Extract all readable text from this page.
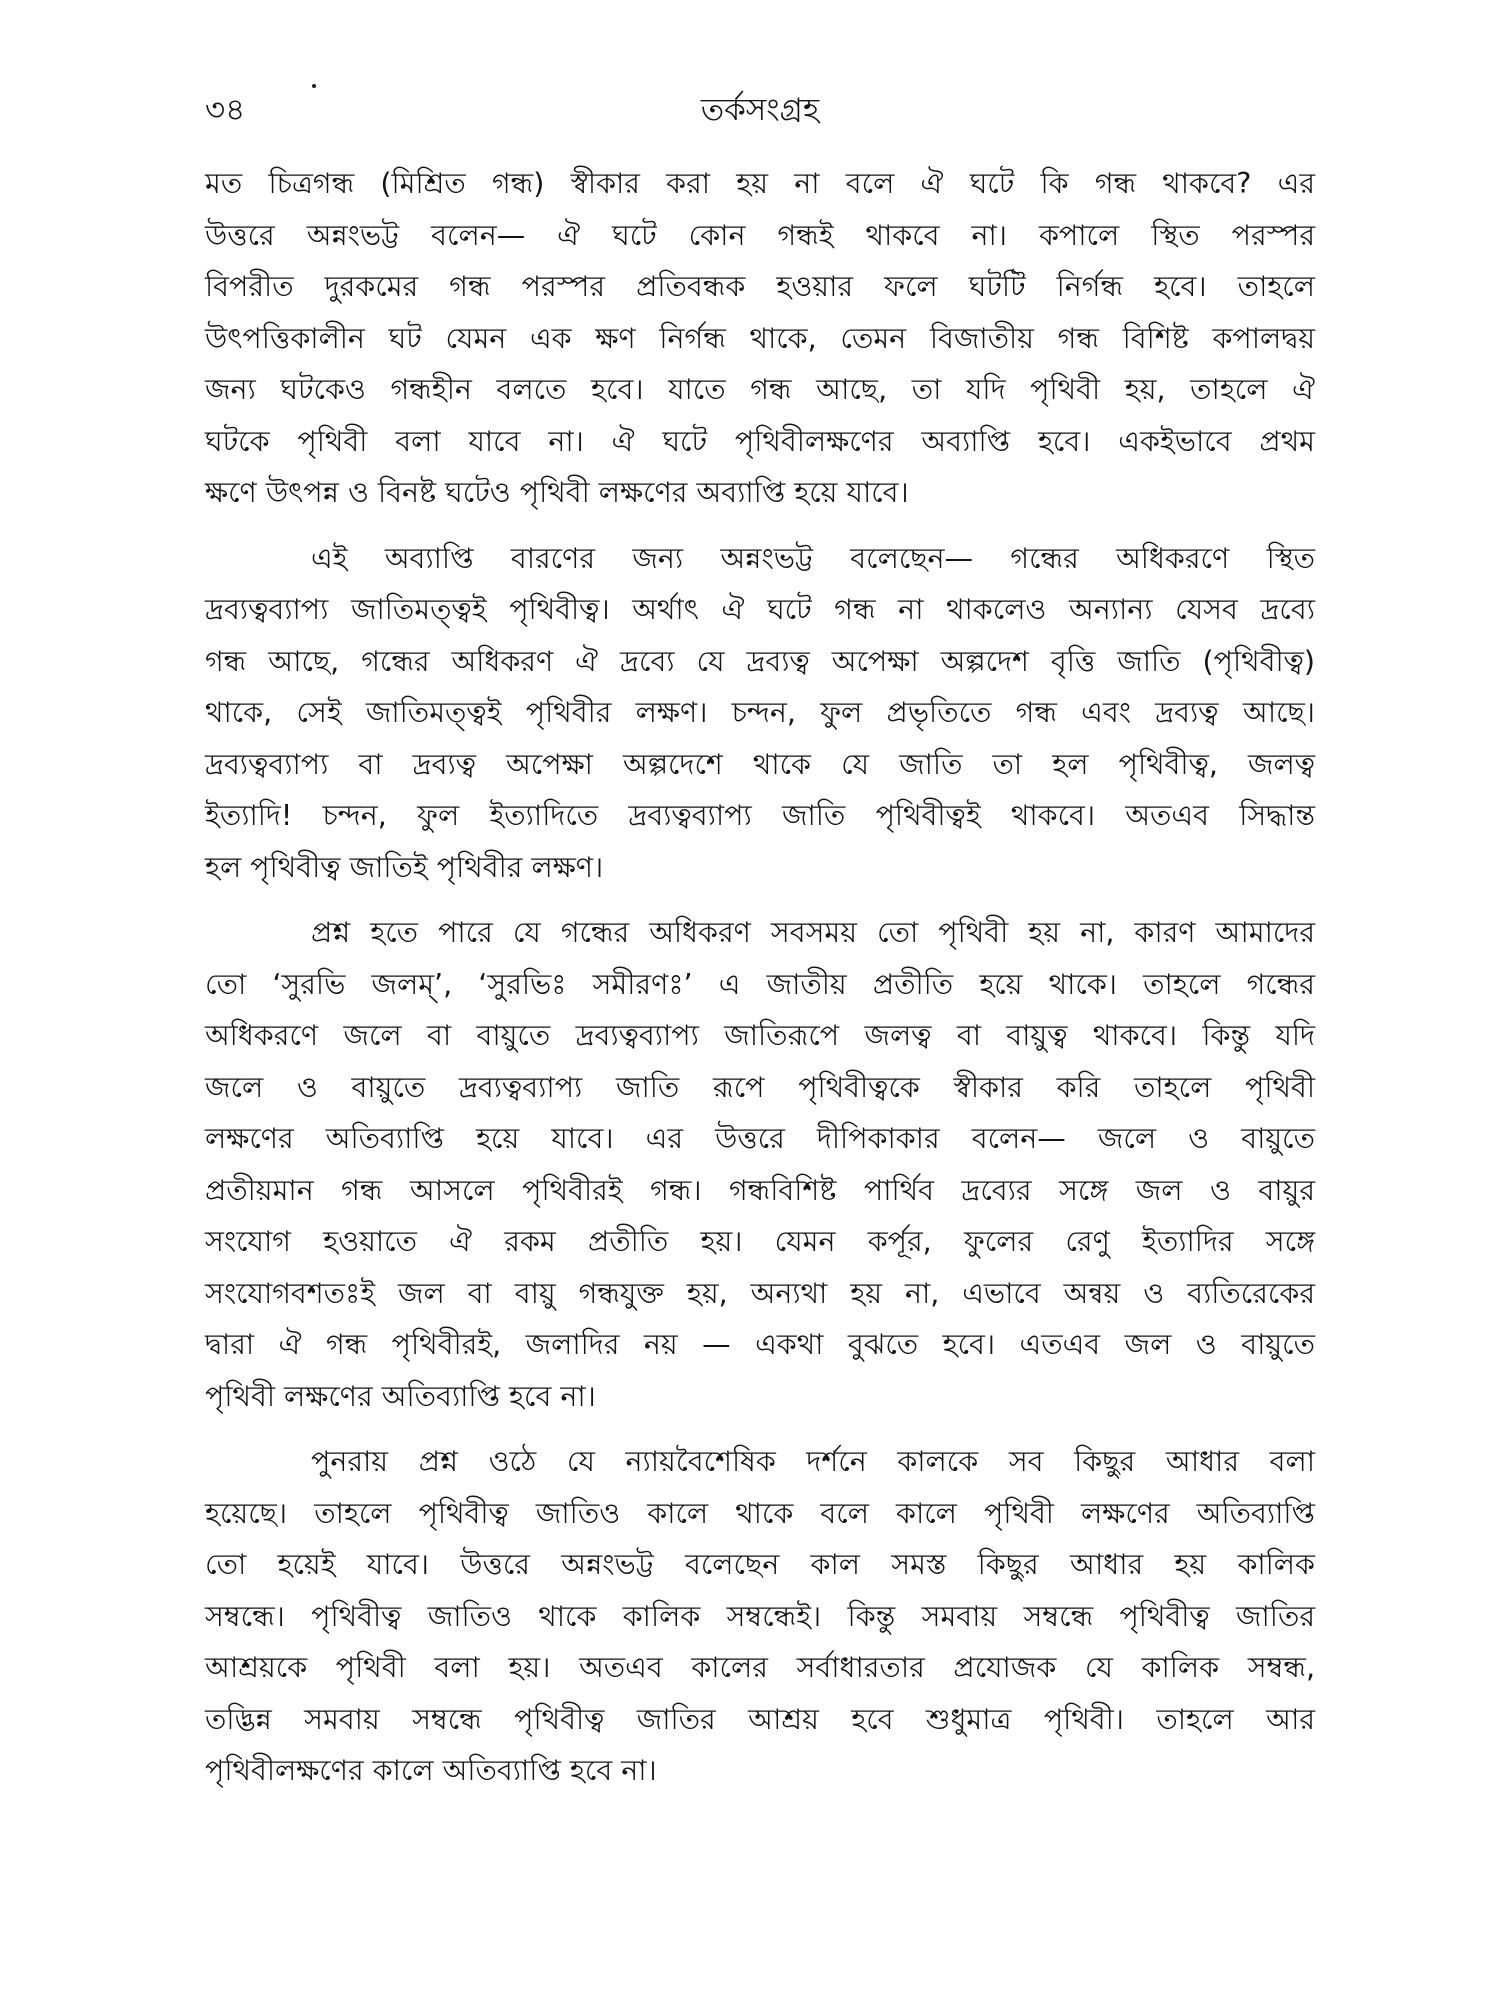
৩৪	তর্কসংগ্রহ

মত চিত্রগন্ধ (মিশ্রিত গন্ধ) স্বীকার করা হয় না বলে ঐ ঘটে কি গন্ধ থাকবে? এর
উত্তরে অন্নংভট্ট বলেন— ঐ ঘটে কোন গন্ধই থাকবে না। কপালে স্থিত পরস্পর
বিপরীত দুরকমের গন্ধ পরস্পর প্রতিবন্ধক হওয়ার ফলে ঘটটি নির্গন্ধ হবে। তাহলে
উৎপত্তিকালীন ঘট যেমন এক ক্ষণ নির্গন্ধ থাকে, তেমন বিজাতীয় গন্ধ বিশিষ্ট কপালদ্বয়
জন্য ঘটকেও গন্ধহীন বলতে হবে। যাতে গন্ধ আছে, তা যদি পৃথিবী হয়, তাহলে ঐ
ঘটকে পৃথিবী বলা যাবে না। ঐ ঘটে পৃথিবীলক্ষণের অব্যাপ্তি হবে। একইভাবে প্রথম
ক্ষণে উৎপন্ন ও বিনষ্ট ঘটেও পৃথিবী লক্ষণের অব্যাপ্তি হয়ে যাবে।

এই অব্যাপ্তি বারণের জন্য অন্নংভট্ট বলেছেন— গন্ধের অধিকরণে স্থিত
দ্রব্যত্বব্যাপ্য জাতিমত্ত্বই পৃথিবীত্ব। অর্থাৎ ঐ ঘটে গন্ধ না থাকলেও অন্যান্য যেসব দ্রব্যে
গন্ধ আছে, গন্ধের অধিকরণ ঐ দ্রব্যে যে দ্রব্যত্ব অপেক্ষা অল্পদেশ বৃত্তি জাতি (পৃথিবীত্ব)
থাকে, সেই জাতিমত্ত্বই পৃথিবীর লক্ষণ। চন্দন, ফুল প্রভৃতিতে গন্ধ এবং দ্রব্যত্ব আছে।
দ্রব্যত্বব্যাপ্য বা দ্রব্যত্ব অপেক্ষা অল্পদেশে থাকে যে জাতি তা হল পৃথিবীত্ব, জলত্ব
ইত্যাদি! চন্দন, ফুল ইত্যাদিতে দ্রব্যত্বব্যাপ্য জাতি পৃথিবীত্বই থাকবে। অতএব সিদ্ধান্ত
হল পৃথিবীত্ব জাতিই পৃথিবীর লক্ষণ।

প্রশ্ন হতে পারে যে গন্ধের অধিকরণ সবসময় তো পৃথিবী হয় না, কারণ আমাদের
তো ‘সুরভি জলম্’, ‘সুরভিঃ সমীরণঃ’ এ জাতীয় প্রতীতি হয়ে থাকে। তাহলে গন্ধের
অধিকরণে জলে বা বায়ুতে দ্রব্যত্বব্যাপ্য জাতিরূপে জলত্ব বা বায়ুত্ব থাকবে। কিন্তু যদি
জলে ও বায়ুতে দ্রব্যত্বব্যাপ্য জাতি রূপে পৃথিবীত্বকে স্বীকার করি তাহলে পৃথিবী
লক্ষণের অতিব্যাপ্তি হয়ে যাবে। এর উত্তরে দীপিকাকার বলেন— জলে ও বায়ুতে
প্রতীয়মান গন্ধ আসলে পৃথিবীরই গন্ধ। গন্ধবিশিষ্ট পার্থিব দ্রব্যের সঙ্গে জল ও বায়ুর
সংযোগ হওয়াতে ঐ রকম প্রতীতি হয়। যেমন কর্পূর, ফুলের রেণু ইত্যাদির সঙ্গে
সংযোগবশতঃই জল বা বায়ু গন্ধযুক্ত হয়, অন্যথা হয় না, এভাবে অন্বয় ও ব্যতিরেকের
দ্বারা ঐ গন্ধ পৃথিবীরই, জলাদির নয় — একথা বুঝতে হবে। এতএব জল ও বায়ুতে
পৃথিবী লক্ষণের অতিব্যাপ্তি হবে না।

পুনরায় প্রশ্ন ওঠে যে ন্যায়বৈশেষিক দর্শনে কালকে সব কিছুর আধার বলা
হয়েছে। তাহলে পৃথিবীত্ব জাতিও কালে থাকে বলে কালে পৃথিবী লক্ষণের অতিব্যাপ্তি
তো হয়েই যাবে। উত্তরে অন্নংভট্ট বলেছেন কাল সমস্ত কিছুর আধার হয় কালিক
সম্বন্ধে। পৃথিবীত্ব জাতিও থাকে কালিক সম্বন্ধেই। কিন্তু সমবায় সম্বন্ধে পৃথিবীত্ব জাতির
আশ্রয়কে পৃথিবী বলা হয়। অতএব কালের সর্বাধারতার প্রযোজক যে কালিক সম্বন্ধ,
তদ্ভিন্ন সমবায় সম্বন্ধে পৃথিবীত্ব জাতির আশ্রয় হবে শুধুমাত্র পৃথিবী। তাহলে আর
পৃথিবীলক্ষণের কালে অতিব্যাপ্তি হবে না।
